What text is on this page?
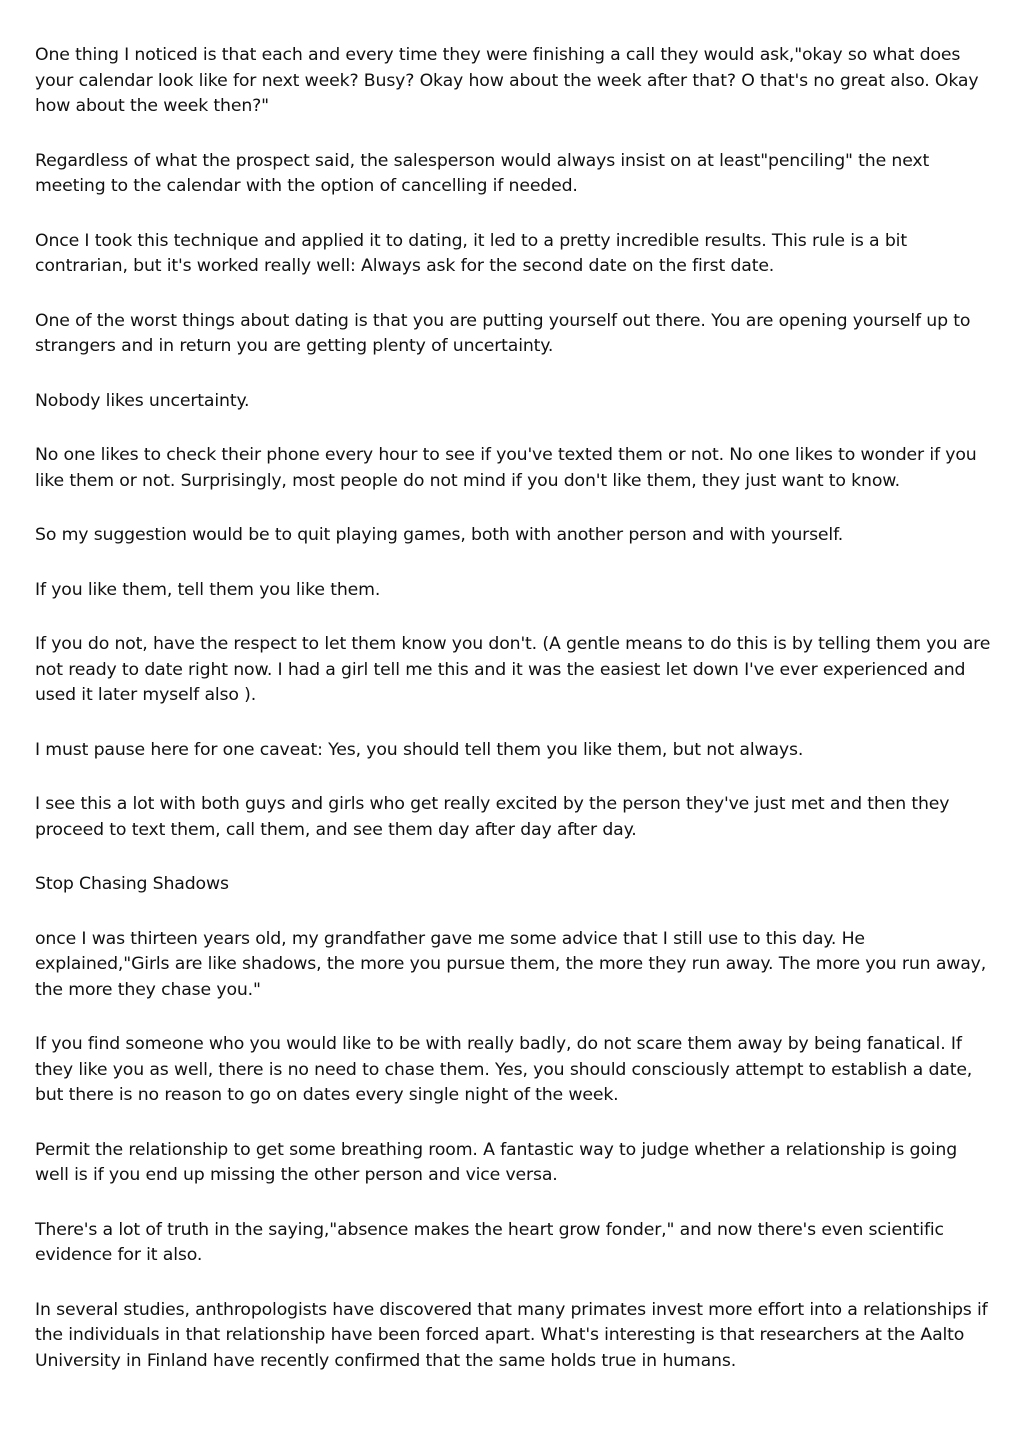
One thing I noticed is that each and every time they were finishing a call they would ask,"okay so what does your calendar look like for next week? Busy? Okay how about the week after that? O that's no great also. Okay how about the week then?"

Regardless of what the prospect said, the salesperson would always insist on at least"penciling" the next meeting to the calendar with the option of cancelling if needed.

Once I took this technique and applied it to dating, it led to a pretty incredible results. This rule is a bit contrarian, but it's worked really well: Always ask for the second date on the first date.

One of the worst things about dating is that you are putting yourself out there. You are opening yourself up to strangers and in return you are getting plenty of uncertainty.

Nobody likes uncertainty.

No one likes to check their phone every hour to see if you've texted them or not. No one likes to wonder if you like them or not. Surprisingly, most people do not mind if you don't like them, they just want to know.

So my suggestion would be to quit playing games, both with another person and with yourself.

If you like them, tell them you like them.

If you do not, have the respect to let them know you don't. (A gentle means to do this is by telling them you are not ready to date right now. I had a girl tell me this and it was the easiest let down I've ever experienced and used it later myself also ).

I must pause here for one caveat: Yes, you should tell them you like them, but not always.

I see this a lot with both guys and girls who get really excited by the person they've just met and then they proceed to text them, call them, and see them day after day after day.

Stop Chasing Shadows

once I was thirteen years old, my grandfather gave me some advice that I still use to this day. He explained,"Girls are like shadows, the more you pursue them, the more they run away. The more you run away, the more they chase you."

If you find someone who you would like to be with really badly, do not scare them away by being fanatical. If they like you as well, there is no need to chase them. Yes, you should consciously attempt to establish a date, but there is no reason to go on dates every single night of the week.

Permit the relationship to get some breathing room. A fantastic way to judge whether a relationship is going well is if you end up missing the other person and vice versa.

There's a lot of truth in the saying,"absence makes the heart grow fonder," and now there's even scientific evidence for it also.

In several studies, anthropologists have discovered that many primates invest more effort into a relationships if the individuals in that relationship have been forced apart. What's interesting is that researchers at the Aalto University in Finland have recently confirmed that the same holds true in humans.
